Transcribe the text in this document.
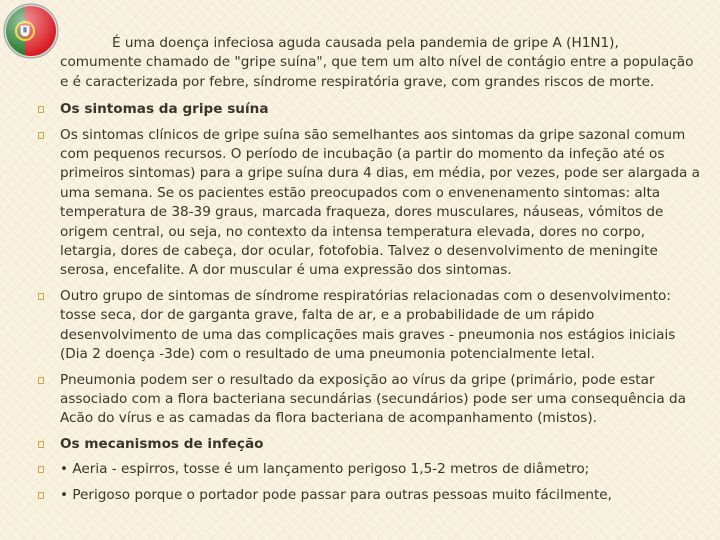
É uma doença infeciosa aguda causada pela pandemia de gripe A (H1N1), comumente chamado de "gripe suína", que tem um alto nível de contágio entre a população e é caracterizada por febre, síndrome respiratória grave, com grandes riscos de morte.

Os sintomas da gripe suína
Os sintomas clínicos de gripe suína são semelhantes aos sintomas da gripe sazonal comum com pequenos recursos. O período de incubação (a partir do momento da infeção até os primeiros sintomas) para a gripe suína dura 4 dias, em média, por vezes, pode ser alargada a uma semana. Se os pacientes estão preocupados com o envenenamento sintomas: alta temperatura de 38-39 graus, marcada fraqueza, dores musculares, náuseas, vómitos de origem central, ou seja, no contexto da intensa temperatura elevada, dores no corpo, letargia, dores de cabeça, dor ocular, fotofobia. Talvez o desenvolvimento de meningite serosa, encefalite. A dor muscular é uma expressão dos sintomas.
Outro grupo de sintomas de síndrome respiratórias relacionadas com o desenvolvimento: tosse seca, dor de garganta grave, falta de ar, e a probabilidade de um rápido desenvolvimento de uma das complicações mais graves - pneumonia nos estágios iniciais (Dia 2 doença -3de) com o resultado de uma pneumonia potencialmente letal.
Pneumonia podem ser o resultado da exposição ao vírus da gripe (primário, pode estar associado com a flora bacteriana secundárias (secundários) pode ser uma consequência da Acão do vírus e as camadas da flora bacteriana de acompanhamento (mistos).
Os mecanismos de infeção
• Aeria - espirros, tosse é um lançamento perigoso 1,5-2 metros de diâmetro;
• Perigoso porque o portador pode passar para outras pessoas muito fácilmente,
